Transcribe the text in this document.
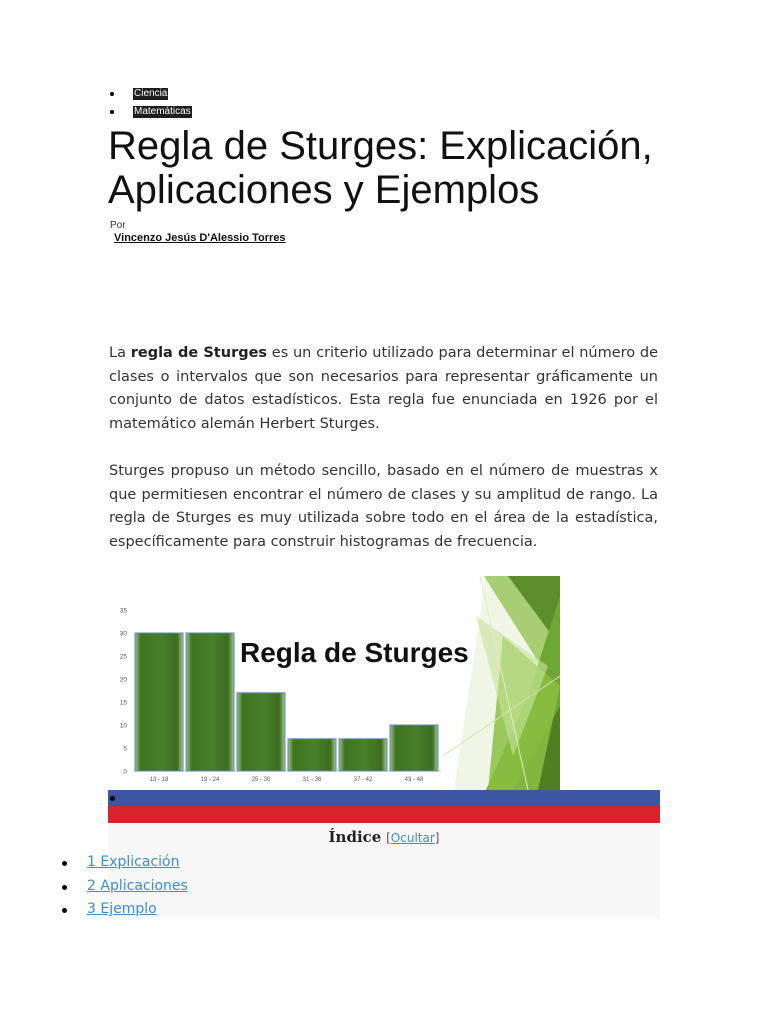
Ciencia
Matemáticas
Regla de Sturges: Explicación,
Aplicaciones y Ejemplos
Por
Vincenzo Jesús D'Alessio Torres

La regla de Sturges es un criterio utilizado para determinar el número de clases o intervalos que son necesarios para representar gráficamente un conjunto de datos estadísticos. Esta regla fue enunciada en 1926 por el matemático alemán Herbert Sturges.

Sturges propuso un método sencillo, basado en el número de muestras x que permitiesen encontrar el número de clases y su amplitud de rango. La regla de Sturges es muy utilizada sobre todo en el área de la estadística, específicamente para construir histogramas de frecuencia.

Regla de Sturges
0
5
10
15
20
25
30
35
13 - 18	19 - 24	25 - 30	31 - 36	37 - 42	43 - 48
Índice [Ocultar]
1 Explicación
2 Aplicaciones
3 Ejemplo
